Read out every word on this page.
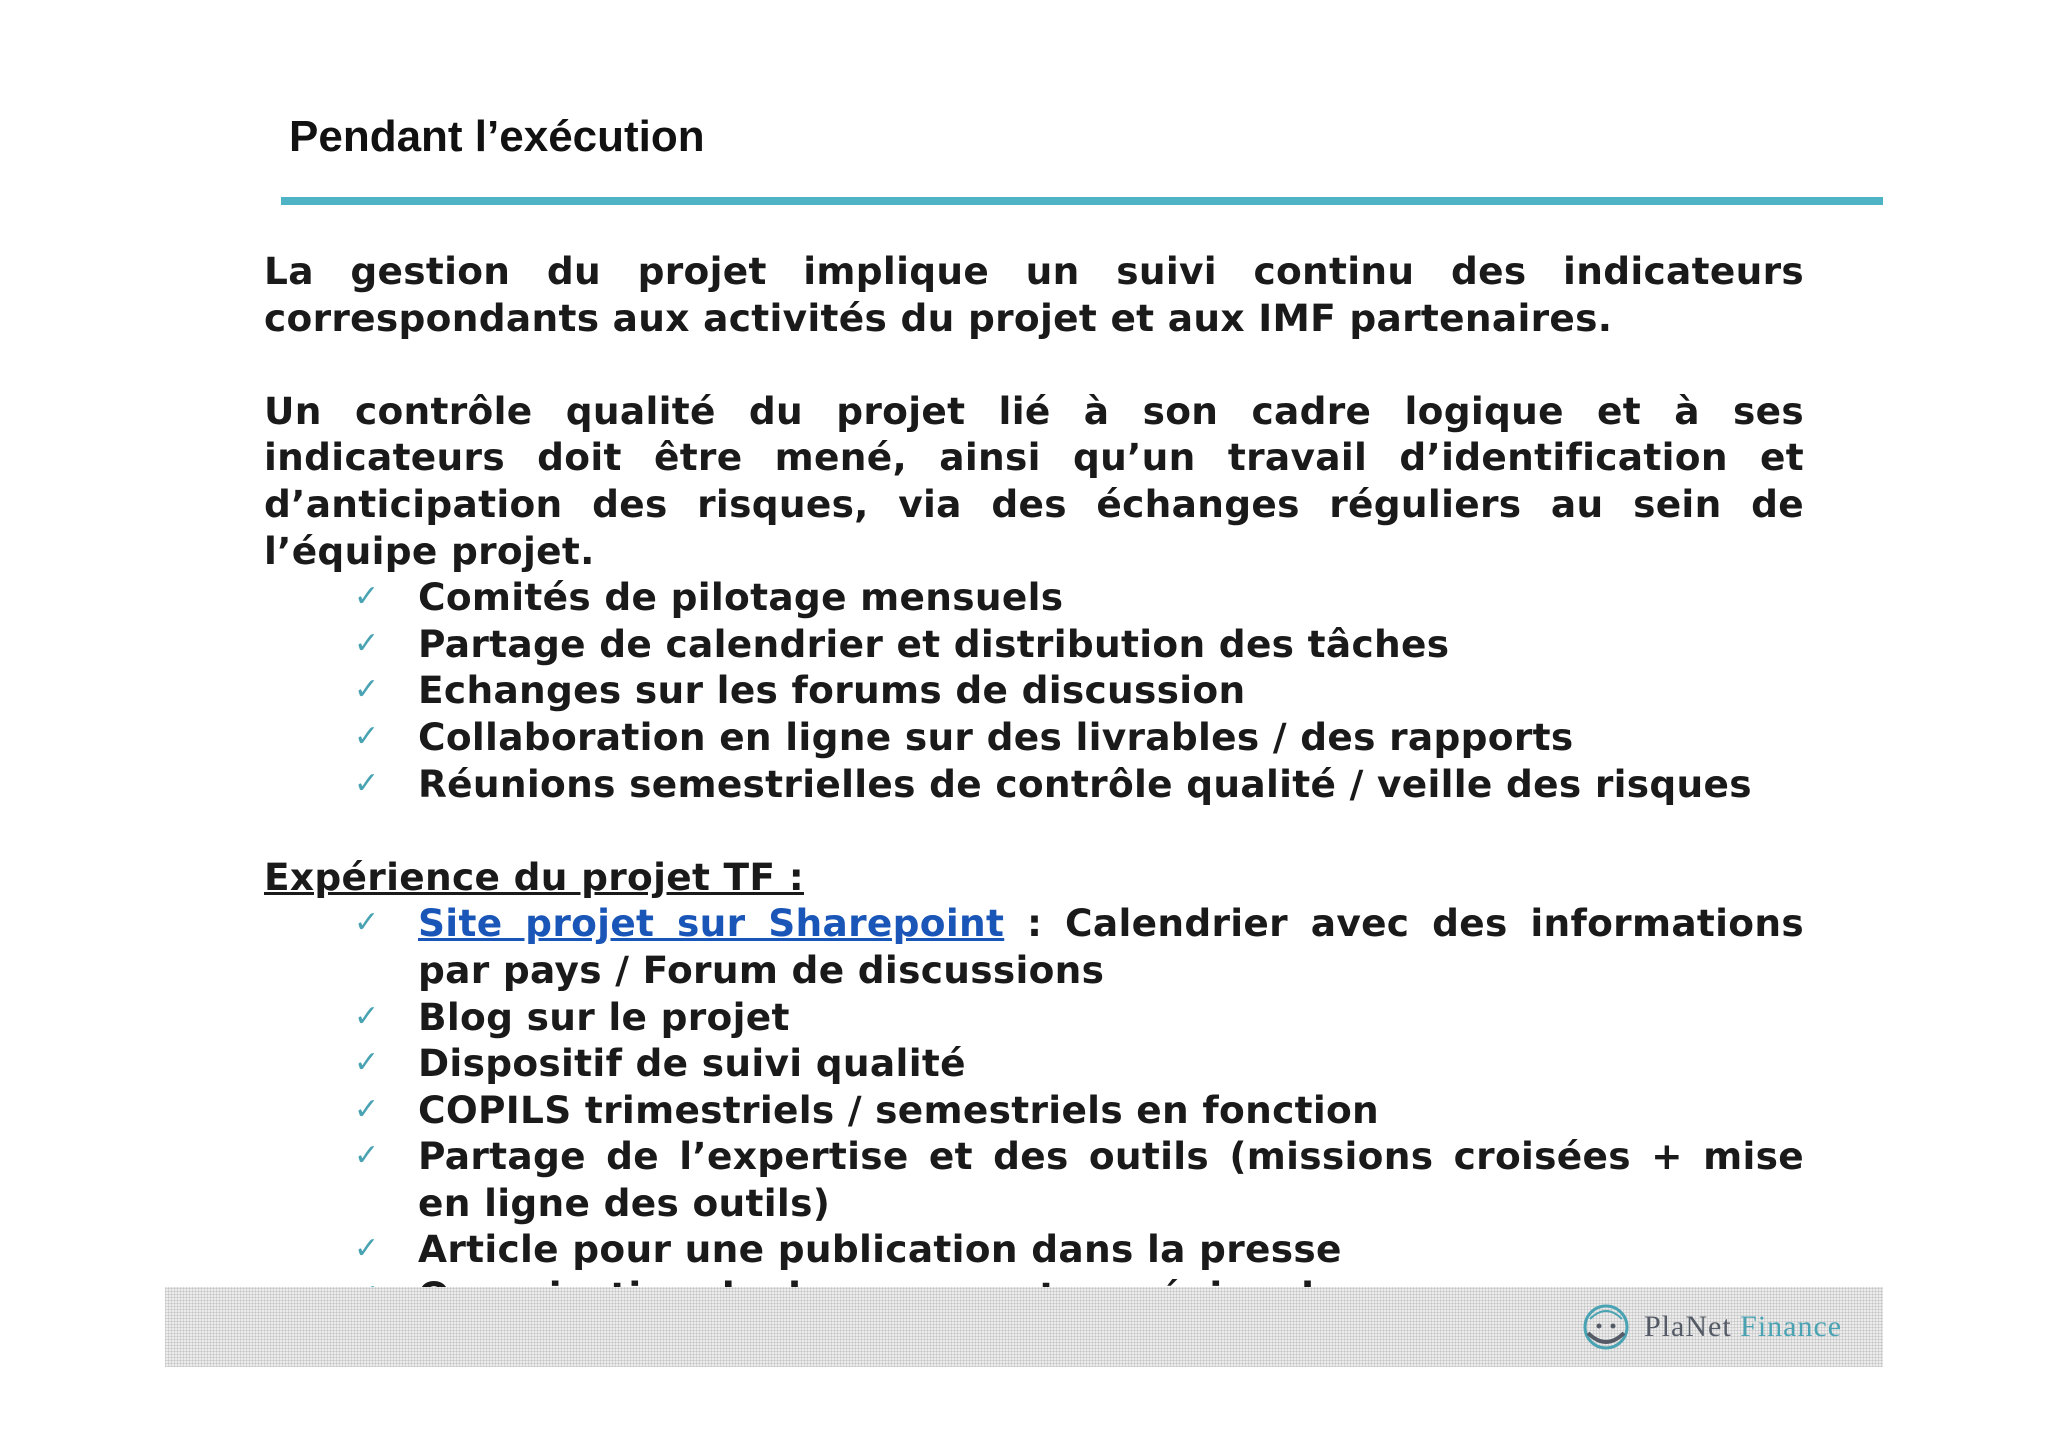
Pendant l’exécution

La gestion du projet implique un suivi continu des indicateurs correspondants aux activités du projet et aux IMF partenaires.

Un contrôle qualité du projet lié à son cadre logique et à ses indicateurs doit être mené, ainsi qu’un travail d’identification et d’anticipation des risques, via des échanges réguliers au sein de l’équipe projet.

✓	Comités de pilotage mensuels
✓	Partage de calendrier et distribution des tâches
✓	Echanges sur les forums de discussion
✓	Collaboration en ligne sur des livrables / des rapports
✓	Réunions semestrielles de contrôle qualité / veille des risques
Expérience du projet TF :
✓	Site projet sur Sharepoint : Calendrier avec des informations par pays / Forum de discussions
✓	Blog sur le projet
✓	Dispositif de suivi qualité
✓	COPILS trimestriels / semestriels en fonction
✓	Partage de l’expertise et des outils (missions croisées + mise en ligne des outils)
✓	Article pour une publication dans la presse
PlaNet Finance
